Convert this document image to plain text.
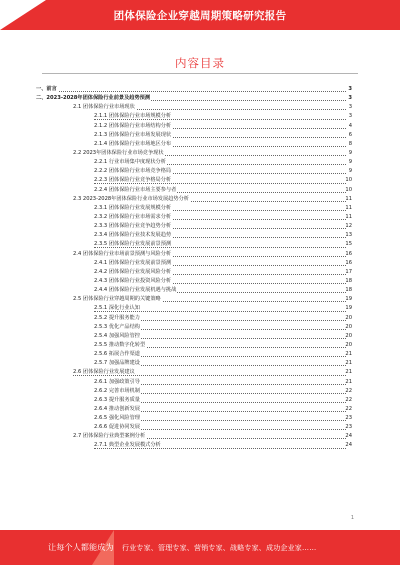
团体保险企业穿越周期策略研究报告
内容目录
一、前言	3
二、2023-2028年团体保险行业前景及趋势预测	3
2.1 团体保险行业市场现状	3
2.1.1 团体保险行业市场规模分析	3
2.1.2 团体保险行业市场结构分析	4
2.1.3 团体保险行业市场发展现状	6
2.1.4 团体保险行业市场地区分布	8
2.2 2023年团体保险行业市场竞争现状	9
2.2.1 行业市场集中度现状分析	9
2.2.2 团体保险行业市场竞争格局	9
2.2.3 团体保险行业竞争格局分析	10
2.2.4 团体保险行业市场主要参与者	10
2.3 2023-2028年团体保险行业市场发展趋势分析	11
2.3.1 团体保险行业发展规模分析	11
2.3.2 团体保险行业市场需求分析	11
2.3.3 团体保险行业竞争趋势分析	12
2.3.4 团体保险行业技术发展趋势	13
2.3.5 团体保险行业发展前景预测	15
2.4 团体保险行业市场前景预测与风险分析	16
2.4.1 团体保险行业发展前景预测	16
2.4.2 团体保险行业发展风险分析	17
2.4.3 团体保险行业投资风险分析	18
2.4.4 团体保险行业发展机遇与挑战	18
2.5 团体保险行业穿越周期的关键策略	19
2.5.1 深化行业认知	19
2.5.2 提升服务能力	20
2.5.3 优化产品结构	20
2.5.4 加强风险管控	20
2.5.5 推动数字化转型	20
2.5.6 拓展合作渠道	21
2.5.7 加强品牌建设	21
2.6 团体保险行业发展建议	21
2.6.1 加强政策引导	21
2.6.2 完善市场机制	22
2.6.3 提升服务质量	22
2.6.4 推动创新发展	22
2.6.5 强化风险管理	23
2.6.6 促进协同发展	23
2.7 团体保险行业典型案例分析	24
2.7.1 典型企业发展模式分析	24
1
让每个人都能成为 行业专家、管理专家、营销专家、战略专家、成功企业家……
